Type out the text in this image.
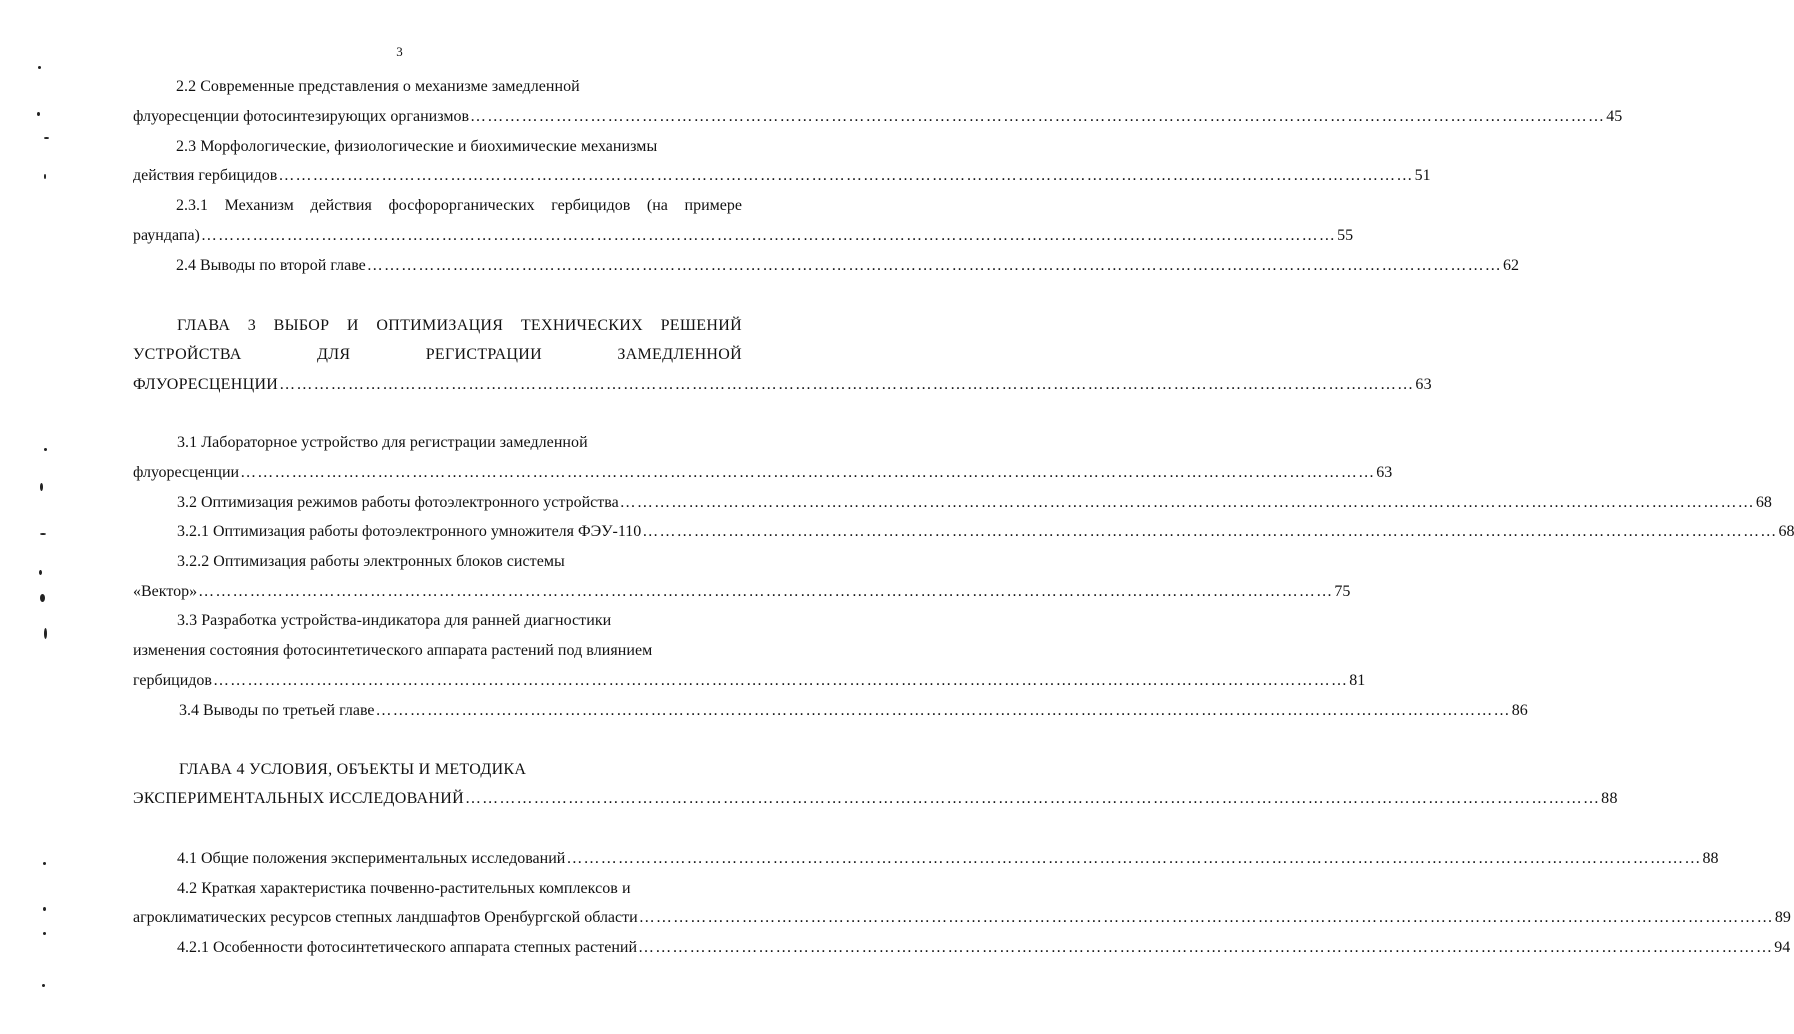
3
2.2 Современные представления о механизме замедленной
флуоресценции фотосинтезирующих организмов ……………………………………………………………………………………………………………………………………………………………………………… 45
2.3 Морфологические, физиологические и биохимические механизмы
действия гербицидов ……………………………………………………………………………………………………………………………………………………………………………… 51
2.3.1 Механизм действия фосфорорганических гербицидов (на примере
раундапа) ……………………………………………………………………………………………………………………………………………………………………………… 55
2.4 Выводы по второй главе ……………………………………………………………………………………………………………………………………………………………………………… 62
ГЛАВА 3 ВЫБОР И ОПТИМИЗАЦИЯ ТЕХНИЧЕСКИХ РЕШЕНИЙ
УСТРОЙСТВА	ДЛЯ	РЕГИСТРАЦИИ	ЗАМЕДЛЕННОЙ
ФЛУОРЕСЦЕНЦИИ ……………………………………………………………………………………………………………………………………………………………………………… 63
3.1 Лабораторное устройство для регистрации замедленной
флуоресценции ……………………………………………………………………………………………………………………………………………………………………………… 63
3.2 Оптимизация режимов работы фотоэлектронного устройства ……………………………………………………………………………………………………………………………………………………………………………… 68
3.2.1 Оптимизация работы фотоэлектронного умножителя ФЭУ-110 ……………………………………………………………………………………………………………………………………………………………………………… 68
3.2.2 Оптимизация работы электронных блоков системы
«Вектор» ……………………………………………………………………………………………………………………………………………………………………………… 75
3.3 Разработка устройства-индикатора для ранней диагностики
изменения состояния фотосинтетического аппарата растений под влиянием
гербицидов ……………………………………………………………………………………………………………………………………………………………………………… 81
3.4 Выводы по третьей главе ……………………………………………………………………………………………………………………………………………………………………………… 86
ГЛАВА 4 УСЛОВИЯ, ОБЪЕКТЫ И МЕТОДИКА
ЭКСПЕРИМЕНТАЛЬНЫХ ИССЛЕДОВАНИЙ ……………………………………………………………………………………………………………………………………………………………………………… 88
4.1 Общие положения экспериментальных исследований ……………………………………………………………………………………………………………………………………………………………………………… 88
4.2 Краткая характеристика почвенно-растительных комплексов и
агроклиматических ресурсов степных ландшафтов Оренбургской области ……………………………………………………………………………………………………………………………………………………………………………… 89
4.2.1 Особенности фотосинтетического аппарата степных растений ……………………………………………………………………………………………………………………………………………………………………………… 94
